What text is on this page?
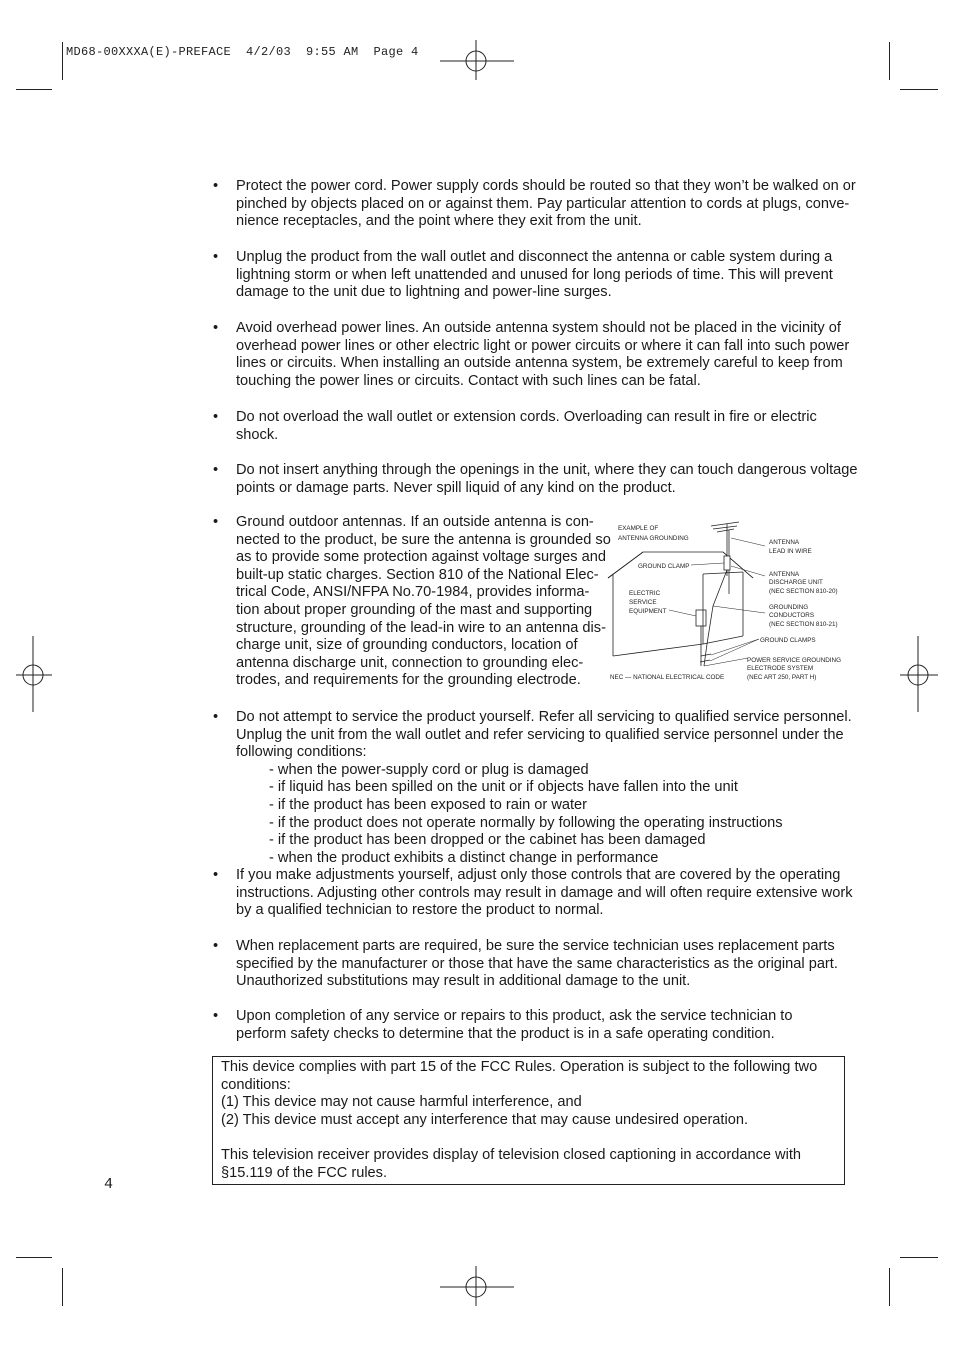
MD68-00XXXA(E)-PREFACE  4/2/03  9:55 AM  Page 4
• Protect the power cord. Power supply cords should be routed so that they won’t be walked on or
pinched by objects placed on or against them. Pay particular attention to cords at plugs, conve-
nience receptacles, and the point where they exit from the unit.
• Unplug the product from the wall outlet and disconnect the antenna or cable system during a
lightning storm or when left unattended and unused for long periods of time. This will prevent
damage to the unit due to lightning and power-line surges.
• Avoid overhead power lines. An outside antenna system should not be placed in the vicinity of
overhead power lines or other electric light or power circuits or where it can fall into such power
lines or circuits. When installing an outside antenna system, be extremely careful to keep from
touching the power lines or circuits. Contact with such lines can be fatal.
• Do not overload the wall outlet or extension cords. Overloading can result in fire or electric
shock.
• Do not insert anything through the openings in the unit, where they can touch dangerous voltage
points or damage parts. Never spill liquid of any kind on the product.
• Ground outdoor antennas. If an outside antenna is con-
nected to the product, be sure the antenna is grounded so
as to provide some protection against voltage surges and
built-up static charges. Section 810 of the National Elec-
trical Code, ANSI/NFPA No.70-1984, provides informa-
tion about proper grounding of the mast and supporting
structure, grounding of the lead-in wire to an antenna dis-
charge unit, size of grounding conductors, location of
antenna discharge unit, connection to grounding elec-
trodes, and requirements for the grounding electrode.
• Do not attempt to service the product yourself. Refer all servicing to qualified service personnel.
Unplug the unit from the wall outlet and refer servicing to qualified service personnel under the
following conditions:
- when the power-supply cord or plug is damaged
- if liquid has been spilled on the unit or if objects have fallen into the unit
- if the product has been exposed to rain or water
- if the product does not operate normally by following the operating instructions
- if the product has been dropped or the cabinet has been damaged
- when the product exhibits a distinct change in performance
• If you make adjustments yourself, adjust only those controls that are covered by the operating
instructions. Adjusting other controls may result in damage and will often require extensive work
by a qualified technician to restore the product to normal.
• When replacement parts are required, be sure the service technician uses replacement parts
specified by the manufacturer or those that have the same characteristics as the original part.
Unauthorized substitutions may result in additional damage to the unit.
• Upon completion of any service or repairs to this product, ask the service technician to
perform safety checks to determine that the product is in a safe operating condition.
EXAMPLE OF
ANTENNA GROUNDING
GROUND CLAMP
ELECTRIC
SERVICE
EQUIPMENT
ANTENNA
LEAD IN WIRE
ANTENNA
DISCHARGE UNIT
(NEC SECTION 810-20)
GROUNDING
CONDUCTORS
(NEC SECTION 810-21)
GROUND CLAMPS
POWER SERVICE GROUNDING
ELECTRODE SYSTEM
(NEC ART 250, PART H)
NEC — NATIONAL ELECTRICAL CODE
This device complies with part 15 of the FCC Rules. Operation is subject to the following two
conditions:
(1) This device may not cause harmful interference, and
(2) This device must accept any interference that may cause undesired operation.
This television receiver provides display of television closed captioning in accordance with
§15.119 of the FCC rules.
4
